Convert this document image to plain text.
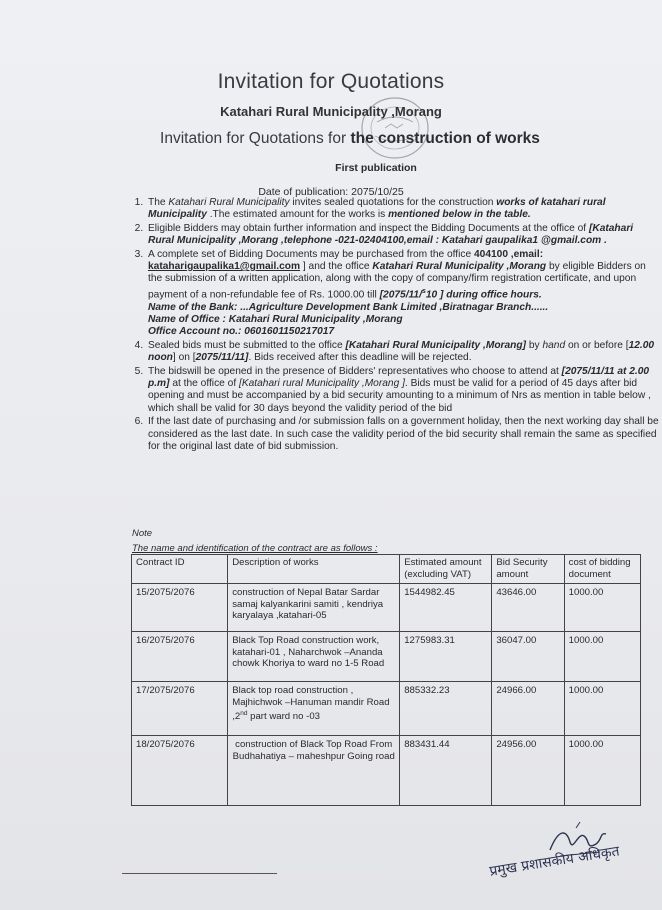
Invitation for Quotations
Katahari Rural Municipality ,Morang
Invitation for Quotations for the construction of works
First publication
Date of publication: 2075/10/25
1. The Katahari Rural Municipality invites sealed quotations for the construction works of katahari rural Municipality .The estimated amount for the works is mentioned below in the table.
2. Eligible Bidders may obtain further information and inspect the Bidding Documents at the office of [Katahari Rural Municipality ,Morang ,telephone -021-02404100,email : Katahari gaupalika1 @gmail.com .
3. A complete set of Bidding Documents may be purchased from the office 404100 ,email: kataharigaupalika1@gmail.com ] and the office Katahari Rural Municipality ,Morang by eligible Bidders on the submission of a written application, along with the copy of company/firm registration certificate, and upon payment of a non-refundable fee of Rs. 1000.00 till [2075/11/$^s$10 ] during office hours.
Name of the Bank: ...Agriculture Development Bank Limited ,Biratnagar Branch......
Name of Office : Katahari Rural Municipality ,Morang
Office Account no.: 0601601150217017
4. Sealed bids must be submitted to the office [Katahari Rural Municipality ,Morang] by hand on or before [12.00 noon] on [2075/11/11]. Bids received after this deadline will be rejected.
5. The bidswill be opened in the presence of Bidders' representatives who choose to attend at [2075/11/11 at 2.00 p.m] at the office of [Katahari rural Municipality ,Morang ]. Bids must be valid for a period of 45 days after bid opening and must be accompanied by a bid security amounting to a minimum of Nrs as mention in table below , which shall be valid for 30 days beyond the validity period of the bid
6. If the last date of purchasing and /or submission falls on a government holiday, then the next working day shall be considered as the last date. In such case the validity period of the bid security shall remain the same as specified for the original last date of bid submission.
Note
The name and identification of the contract are as follows :
Contract ID	Description of works	Estimated amount (excluding VAT)	Bid Security amount	cost of bidding document
15/2075/2076	construction of Nepal Batar Sardar samaj kalyankarini samiti , kendriya karyalaya ,katahari-05	1544982.45	43646.00	1000.00
16/2075/2076	Black Top Road construction work, katahari-01 , Naharchwok –Ananda chowk Khoriya to ward no 1-5 Road	1275983.31	36047.00	1000.00
17/2075/2076	Black top road construction , Majhichwok –Hanuman mandir Road ,2nd part ward no -03	885332.23	24966.00	1000.00
18/2075/2076	construction of Black Top Road From Budhahatiya – maheshpur Going road	883431.44	24956.00	1000.00
प्रमुख प्रशासकीय अधिकृत
